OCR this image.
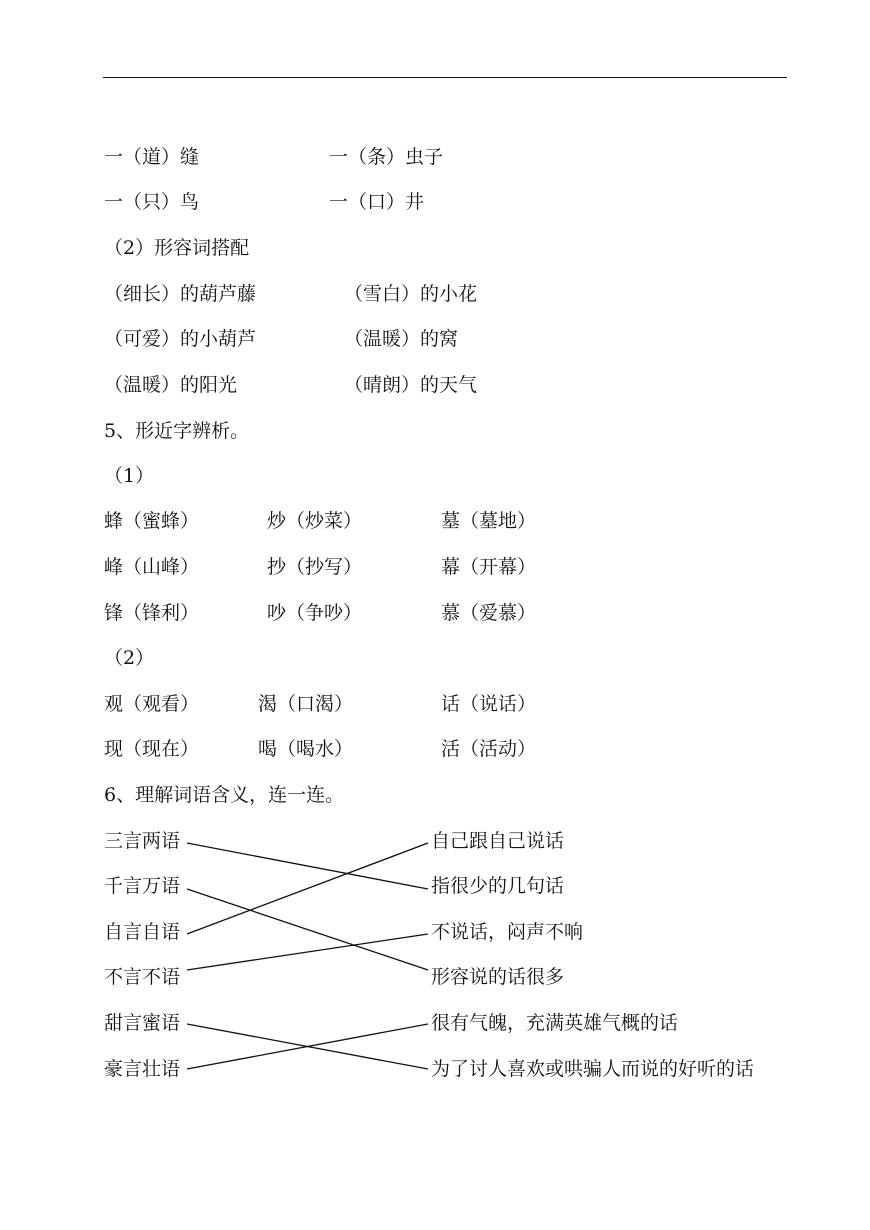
一（道）缝	一（条）虫子
一（只）鸟	一（口）井
（2）形容词搭配
（细长）的葫芦藤	（雪白）的小花
（可爱）的小葫芦	（温暖）的窝
（温暖）的阳光	（晴朗）的天气
5、形近字辨析。
（1）
蜂（蜜蜂）	炒（炒菜）	墓（墓地）
峰（山峰）	抄（抄写）	幕（开幕）
锋（锋利）	吵（争吵）	慕（爱慕）
（2）
观（观看）	渴（口渴）	话（说话）
现（现在）	喝（喝水）	活（活动）
6、理解词语含义，连一连。
三言两语
千言万语
自言自语
不言不语
甜言蜜语
豪言壮语
自己跟自己说话
指很少的几句话
不说话，闷声不响
形容说的话很多
很有气魄，充满英雄气概的话
为了讨人喜欢或哄骗人而说的好听的话
